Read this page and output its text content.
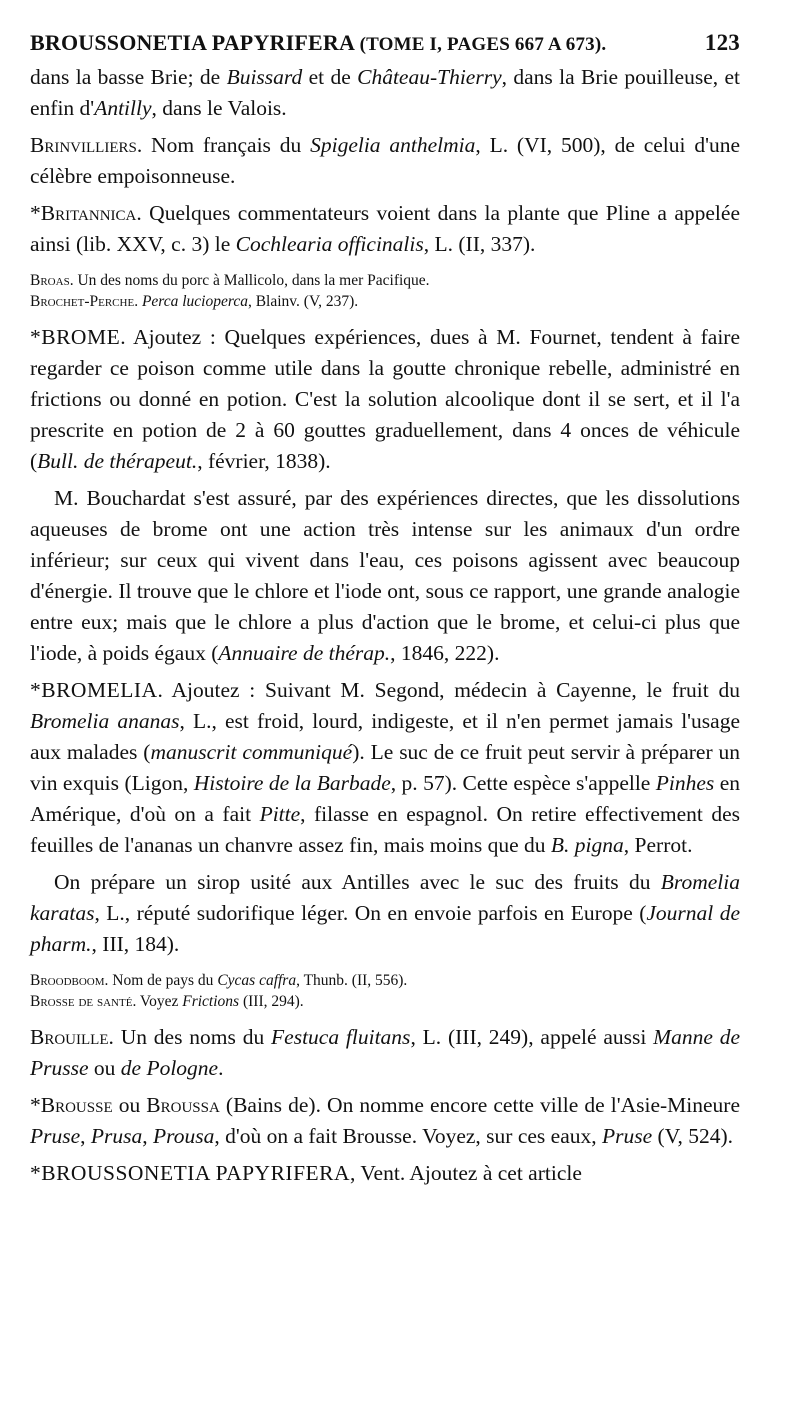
BROUSSONETIA PAPYRIFERA (TOME I, PAGES 667 A 673).	123

dans la basse Brie; de Buissard et de Château-Thierry, dans la Brie pouilleuse, et enfin d'Antilly, dans le Valois.

Brinvilliers. Nom français du Spigelia anthelmia, L. (VI, 500), de celui d'une célèbre empoisonneuse.

*Britannica. Quelques commentateurs voient dans la plante que Pline a appelée ainsi (lib. XXV, c. 3) le Cochlearia officinalis, L. (II, 337).

Broas. Un des noms du porc à Mallicolo, dans la mer Pacifique.

Brochet-Perche. Perca lucioperca, Blainv. (V, 237).

*BROME. Ajoutez : Quelques expériences, dues à M. Fournet, tendent à faire regarder ce poison comme utile dans la goutte chronique rebelle, administré en frictions ou donné en potion. C'est la solution alcoolique dont il se sert, et il l'a prescrite en potion de 2 à 60 gouttes graduellement, dans 4 onces de véhicule (Bull. de thérapeut., février, 1838).

M. Bouchardat s'est assuré, par des expériences directes, que les dissolutions aqueuses de brome ont une action très intense sur les animaux d'un ordre inférieur; sur ceux qui vivent dans l'eau, ces poisons agissent avec beaucoup d'énergie. Il trouve que le chlore et l'iode ont, sous ce rapport, une grande analogie entre eux; mais que le chlore a plus d'action que le brome, et celui-ci plus que l'iode, à poids égaux (Annuaire de thérap., 1846, 222).

*BROMELIA. Ajoutez : Suivant M. Segond, médecin à Cayenne, le fruit du Bromelia ananas, L., est froid, lourd, indigeste, et il n'en permet jamais l'usage aux malades (manuscrit communiqué). Le suc de ce fruit peut servir à préparer un vin exquis (Ligon, Histoire de la Barbade, p. 57). Cette espèce s'appelle Pinhes en Amérique, d'où on a fait Pitte, filasse en espagnol. On retire effectivement des feuilles de l'ananas un chanvre assez fin, mais moins que du B. pigna, Perrot.

On prépare un sirop usité aux Antilles avec le suc des fruits du Bromelia karatas, L., réputé sudorifique léger. On en envoie parfois en Europe (Journal de pharm., III, 184).

Broodboom. Nom de pays du Cycas caffra, Thunb. (II, 556).

Brosse de santé. Voyez Frictions (III, 294).

Brouille. Un des noms du Festuca fluitans, L. (III, 249), appelé aussi Manne de Prusse ou de Pologne.

*Brousse ou Broussa (Bains de). On nomme encore cette ville de l'Asie-Mineure Pruse, Prusa, Prousa, d'où on a fait Brousse. Voyez, sur ces eaux, Pruse (V, 524).

*BROUSSONETIA PAPYRIFERA, Vent. Ajoutez à cet article
